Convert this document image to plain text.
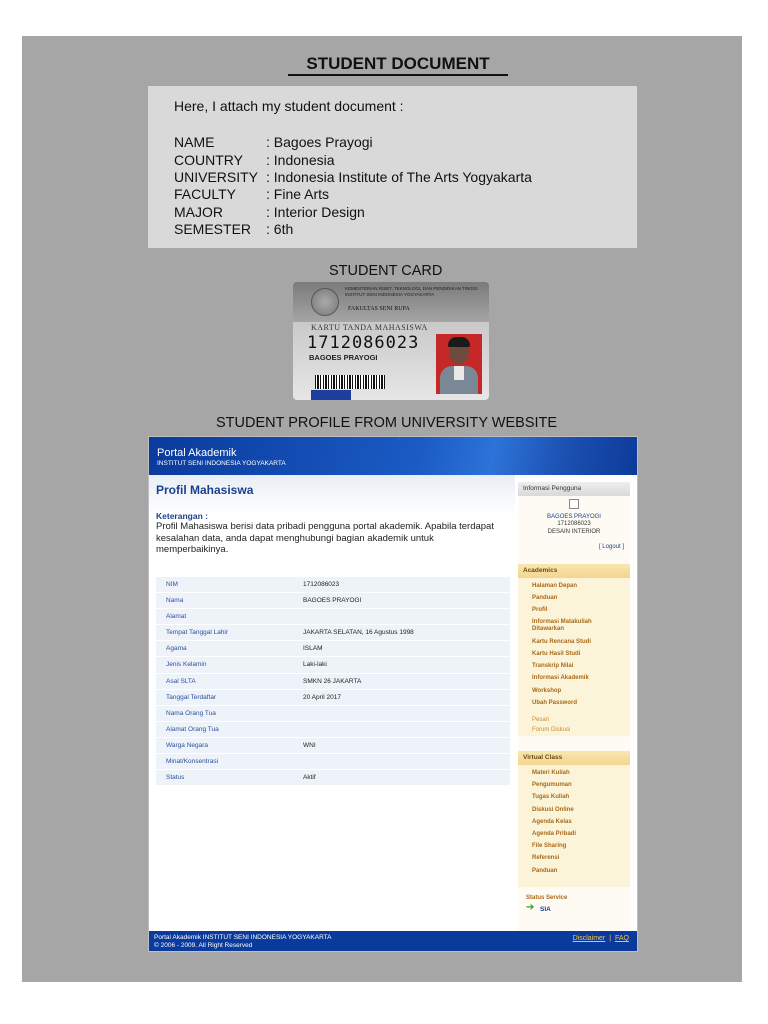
STUDENT DOCUMENT
Here, I attach my student document :
NAME	: Bagoes Prayogi
COUNTRY	: Indonesia
UNIVERSITY : Indonesia Institute of The Arts Yogyakarta
FACULTY	: Fine Arts
MAJOR	: Interior Design
SEMESTER	: 6th
STUDENT CARD
KEMENTERIAN RISET, TEKNOLOGI, DAN PENDIDIKAN TINGGI INSTITUT SENI INDONESIA YOGYAKARTA
FAKULTAS SENI RUPA
KARTU TANDA MAHASISWA
1712086023
BAGOES PRAYOGI
STUDENT PROFILE FROM UNIVERSITY WEBSITE
Portal Akademik
INSTITUT SENI INDONESIA YOGYAKARTA
Profil Mahasiswa
Keterangan :
Profil Mahasiswa berisi data pribadi pengguna portal akademik. Apabila terdapat kesalahan data, anda dapat menghubungi bagian akademik untuk memperbaikinya.
NIM	1712086023
Nama	BAGOES PRAYOGI
Alamat
Tempat Tanggal Lahir	JAKARTA SELATAN, 16 Agustus 1998
Agama	ISLAM
Jenis Kelamin	Laki-laki
Asal SLTA	SMKN 26 JAKARTA
Tanggal Terdaftar	20 April 2017
Nama Orang Tua
Alamat Orang Tua
Warga Negara	WNI
Minat/Konsentrasi
Status	Aktif
Informasi Pengguna
BAGOES PRAYOGI
1712086023
DESAIN INTERIOR
[ Logout ]
Academics
Halaman Depan
Panduan
Profil
Informasi Matakuliah Ditawarkan
Kartu Rencana Studi
Kartu Hasil Studi
Transkrip Nilai
Informasi Akademik
Workshop
Ubah Password
Pesan
Forum Diskusi
Virtual Class
Materi Kuliah
Pengumuman
Tugas Kuliah
Diskusi Online
Agenda Kelas
Agenda Pribadi
File Sharing
Referensi
Panduan
Status Service
➔ SIA
Portal Akademik INSTITUT SENI INDONESIA YOGYAKARTA
© 2006 - 2009. All Right Reserved
Disclaimer | FAQ
